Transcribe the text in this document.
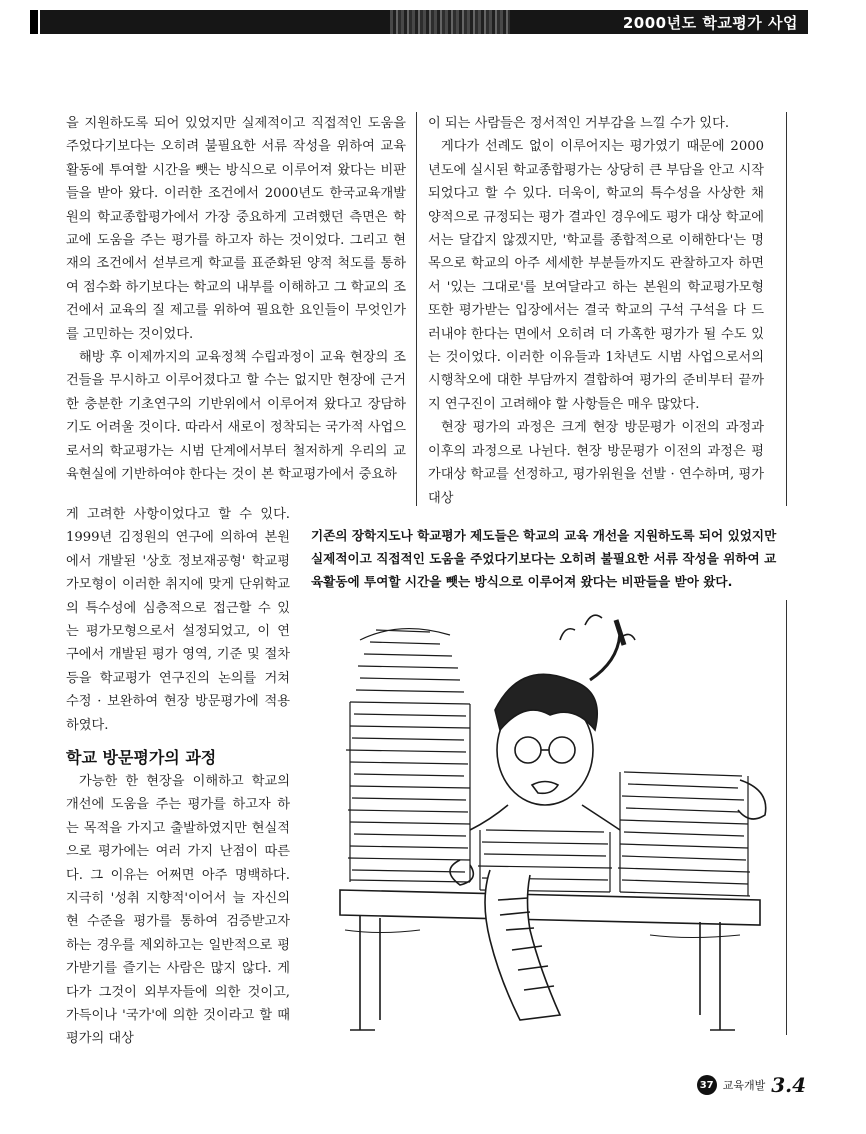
2000년도 학교평가 사업

을 지원하도록 되어 있었지만 실제적이고 직접적인 도움을 주었다기보다는 오히려 불필요한 서류 작성을 위하여 교육활동에 투여할 시간을 뺏는 방식으로 이루어져 왔다는 비판들을 받아 왔다. 이러한 조건에서 2000년도 한국교육개발원의 학교종합평가에서 가장 중요하게 고려했던 측면은 학교에 도움을 주는 평가를 하고자 하는 것이었다. 그리고 현재의 조건에서 섣부르게 학교를 표준화된 양적 척도를 통하여 점수화 하기보다는 학교의 내부를 이해하고 그 학교의 조건에서 교육의 질 제고를 위하여 필요한 요인들이 무엇인가를 고민하는 것이었다.

해방 후 이제까지의 교육정책 수립과정이 교육 현장의 조건들을 무시하고 이루어졌다고 할 수는 없지만 현장에 근거한 충분한 기초연구의 기반위에서 이루어져 왔다고 장담하기도 어려울 것이다. 따라서 새로이 정착되는 국가적 사업으로서의 학교평가는 시범 단계에서부터 철저하게 우리의 교육현실에 기반하여야 한다는 것이 본 학교평가에서 중요하

이 되는 사람들은 정서적인 거부감을 느낄 수가 있다.

게다가 선례도 없이 이루어지는 평가였기 때문에 2000년도에 실시된 학교종합평가는 상당히 큰 부담을 안고 시작되었다고 할 수 있다. 더욱이, 학교의 특수성을 사상한 채 양적으로 규정되는 평가 결과인 경우에도 평가 대상 학교에서는 달갑지 않겠지만, '학교를 종합적으로 이해한다'는 명목으로 학교의 아주 세세한 부분들까지도 관찰하고자 하면서 '있는 그대로'를 보여달라고 하는 본원의 학교평가모형 또한 평가받는 입장에서는 결국 학교의 구석 구석을 다 드러내야 한다는 면에서 오히려 더 가혹한 평가가 될 수도 있는 것이었다. 이러한 이유들과 1차년도 시범 사업으로서의 시행착오에 대한 부담까지 결합하여 평가의 준비부터 끝까지 연구진이 고려해야 할 사항들은 매우 많았다.

현장 평가의 과정은 크게 현장 방문평가 이전의 과정과 이후의 과정으로 나뉜다. 현장 방문평가 이전의 과정은 평가대상 학교를 선정하고, 평가위원을 선발 · 연수하며, 평가대상

게 고려한 사항이었다고 할 수 있다. 1999년 김정원의 연구에 의하여 본원에서 개발된 '상호 정보재공형' 학교평가모형이 이러한 취지에 맞게 단위학교의 특수성에 심층적으로 접근할 수 있는 평가모형으로서 설정되었고, 이 연구에서 개발된 평가 영역, 기준 및 절차 등을 학교평가 연구진의 논의를 거쳐 수정 · 보완하여 현장 방문평가에 적용하였다.

학교 방문평가의 과정

가능한 한 현장을 이해하고 학교의 개선에 도움을 주는 평가를 하고자 하는 목적을 가지고 출발하였지만 현실적으로 평가에는 여러 가지 난점이 따른다. 그 이유는 어쩌면 아주 명백하다. 지극히 '성취 지향적'이어서 늘 자신의 현 수준을 평가를 통하여 검증받고자 하는 경우를 제외하고는 일반적으로 평가받기를 즐기는 사람은 많지 않다. 게다가 그것이 외부자들에 의한 것이고, 가득이나 '국가'에 의한 것이라고 할 때 평가의 대상

기존의 장학지도나 학교평가 제도들은 학교의 교육 개선을 지원하도록 되어 있었지만 실제적이고 직접적인 도움을 주었다기보다는 오히려 불필요한 서류 작성을 위하여 교육활동에 투여할 시간을 뺏는 방식으로 이루어져 왔다는 비판들을 받아 왔다.
37 교육개발 3.4
